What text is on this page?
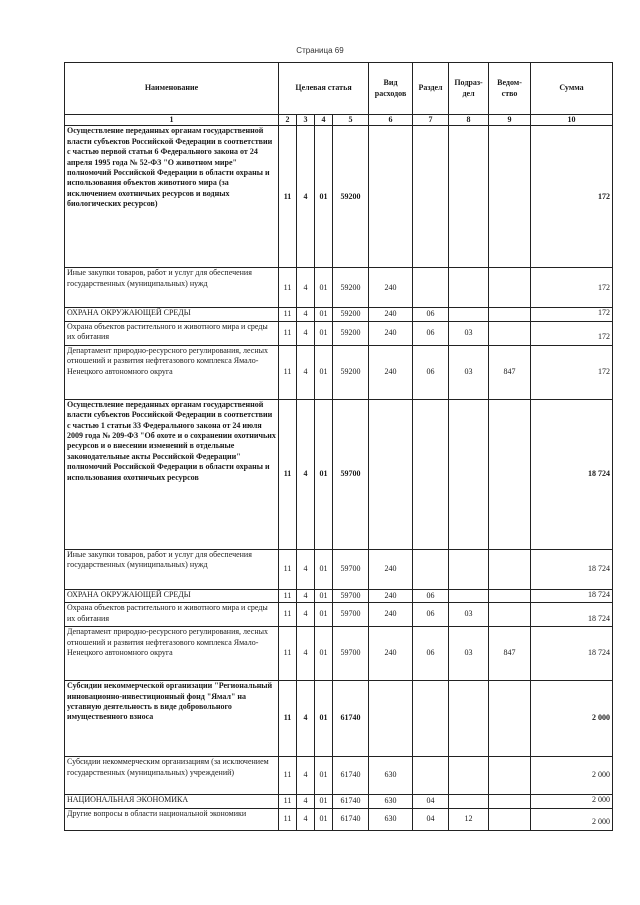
Страница 69
Наименование	Целевая статья				Вид расходов	Раздел	Подраз-дел	Ведом-ство	Сумма
1	2	3	4	5	6	7	8	9	10
Осуществление переданных органам государственной власти субъектов Российской Федерации в соответствии с частью первой статьи 6 Федерального закона от 24 апреля 1995 года № 52-ФЗ "О животном мире" полномочий Российской Федерации в области охраны и использования объектов животного мира (за исключением охотничьих ресурсов и водных биологических ресурсов)	11	4	01	59200					172
Иные закупки товаров, работ и услуг для обеспечения государственных (муниципальных) нужд	11	4	01	59200	240				172
ОХРАНА ОКРУЖАЮЩЕЙ СРЕДЫ	11	4	01	59200	240	06			172
Охрана объектов растительного и животного мира и среды их обитания	11	4	01	59200	240	06	03		172
Департамент природно-ресурсного регулирования, лесных отношений и развития нефтегазового комплекса Ямало-Ненецкого автономного округа	11	4	01	59200	240	06	03	847	172
Осуществление переданных органам государственной власти субъектов Российской Федерации в соответствии с частью 1 статьи 33 Федерального закона от 24 июля 2009 года № 209-ФЗ "Об охоте и о сохранении охотничьих ресурсов и о внесении изменений в отдельные законодательные акты Российской Федерации" полномочий Российской Федерации в области охраны и использования охотничьих ресурсов	11	4	01	59700					18 724
Иные закупки товаров, работ и услуг для обеспечения государственных (муниципальных) нужд	11	4	01	59700	240				18 724
ОХРАНА ОКРУЖАЮЩЕЙ СРЕДЫ	11	4	01	59700	240	06			18 724
Охрана объектов растительного и животного мира и среды их обитания	11	4	01	59700	240	06	03		18 724
Департамент природно-ресурсного регулирования, лесных отношений и развития нефтегазового комплекса Ямало-Ненецкого автономного округа	11	4	01	59700	240	06	03	847	18 724
Субсидии некоммерческой организации "Региональный инновационно-инвестиционный фонд "Ямал" на уставную деятельность в виде добровольного имущественного взноса	11	4	01	61740					2 000
Субсидии некоммерческим организациям (за исключением государственных (муниципальных) учреждений)	11	4	01	61740	630				2 000
НАЦИОНАЛЬНАЯ ЭКОНОМИКА	11	4	01	61740	630	04			2 000
Другие вопросы в области национальной экономики	11	4	01	61740	630	04	12		2 000
